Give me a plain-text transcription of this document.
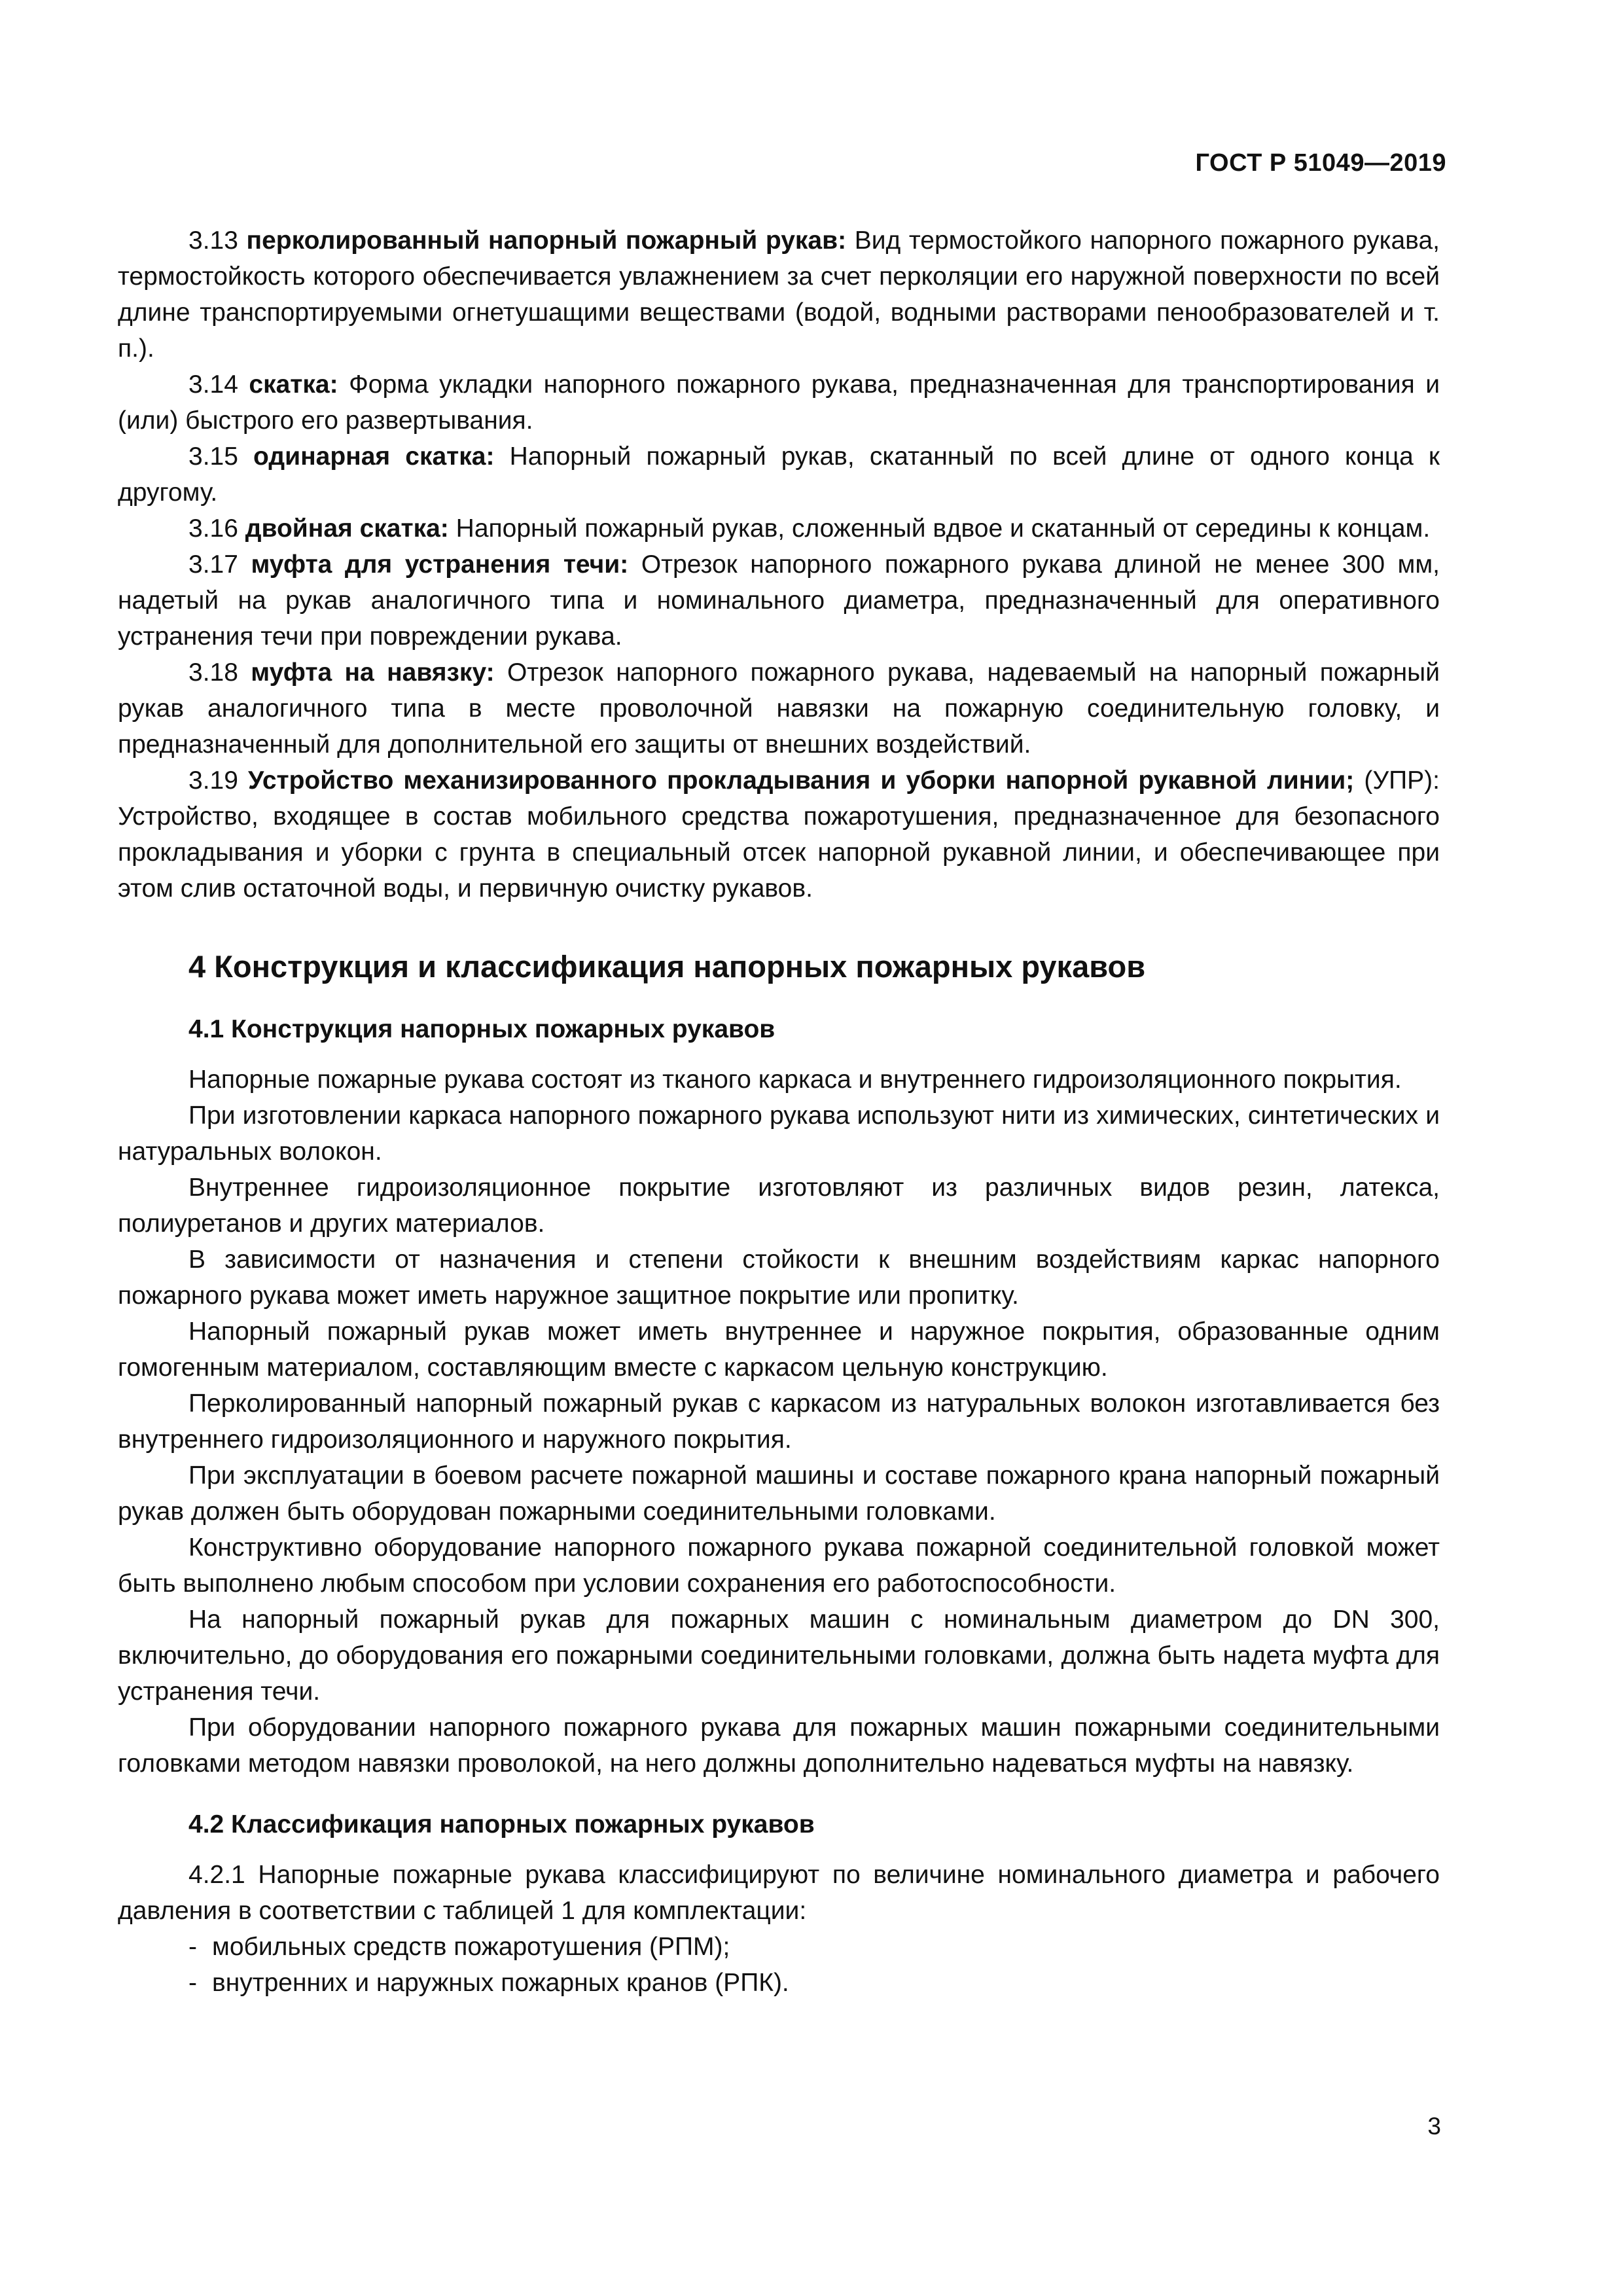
ГОСТ Р 51049—2019

3.13 перколированный напорный пожарный рукав: Вид термостойкого напорного пожарного рукава, термостойкость которого обеспечивается увлажнением за счет перколяции его наружной поверхности по всей длине транспортируемыми огнетушащими веществами (водой, водными растворами пенообразователей и т. п.).

3.14 скатка: Форма укладки напорного пожарного рукава, предназначенная для транспортирования и (или) быстрого его развертывания.

3.15 одинарная скатка: Напорный пожарный рукав, скатанный по всей длине от одного конца к другому.

3.16 двойная скатка: Напорный пожарный рукав, сложенный вдвое и скатанный от середины к концам.

3.17 муфта для устранения течи: Отрезок напорного пожарного рукава длиной не менее 300 мм, надетый на рукав аналогичного типа и номинального диаметра, предназначенный для оперативного устранения течи при повреждении рукава.

3.18 муфта на навязку: Отрезок напорного пожарного рукава, надеваемый на напорный пожарный рукав аналогичного типа в месте проволочной навязки на пожарную соединительную головку, и предназначенный для дополнительной его защиты от внешних воздействий.

3.19 Устройство механизированного прокладывания и уборки напорной рукавной линии; (УПР): Устройство, входящее в состав мобильного средства пожаротушения, предназначенное для безопасного прокладывания и уборки с грунта в специальный отсек напорной рукавной линии, и обеспечивающее при этом слив остаточной воды, и первичную очистку рукавов.

4 Конструкция и классификация напорных пожарных рукавов
4.1 Конструкция напорных пожарных рукавов

Напорные пожарные рукава состоят из тканого каркаса и внутреннего гидроизоляционного покрытия.

При изготовлении каркаса напорного пожарного рукава используют нити из химических, синтетических и натуральных волокон.

Внутреннее гидроизоляционное покрытие изготовляют из различных видов резин, латекса, полиуретанов и других материалов.

В зависимости от назначения и степени стойкости к внешним воздействиям каркас напорного пожарного рукава может иметь наружное защитное покрытие или пропитку.

Напорный пожарный рукав может иметь внутреннее и наружное покрытия, образованные одним гомогенным материалом, составляющим вместе с каркасом цельную конструкцию.

Перколированный напорный пожарный рукав с каркасом из натуральных волокон изготавливается без внутреннего гидроизоляционного и наружного покрытия.

При эксплуатации в боевом расчете пожарной машины и составе пожарного крана напорный пожарный рукав должен быть оборудован пожарными соединительными головками.

Конструктивно оборудование напорного пожарного рукава пожарной соединительной головкой может быть выполнено любым способом при условии сохранения его работоспособности.

На напорный пожарный рукав для пожарных машин с номинальным диаметром до DN 300, включительно, до оборудования его пожарными соединительными головками, должна быть надета муфта для устранения течи.

При оборудовании напорного пожарного рукава для пожарных машин пожарными соединительными головками методом навязки проволокой, на него должны дополнительно надеваться муфты на навязку.

4.2 Классификация напорных пожарных рукавов

4.2.1 Напорные пожарные рукава классифицируют по величине номинального диаметра и рабочего давления в соответствии с таблицей 1 для комплектации:

- мобильных средств пожаротушения (РПМ);
- внутренних и наружных пожарных кранов (РПК).
3
